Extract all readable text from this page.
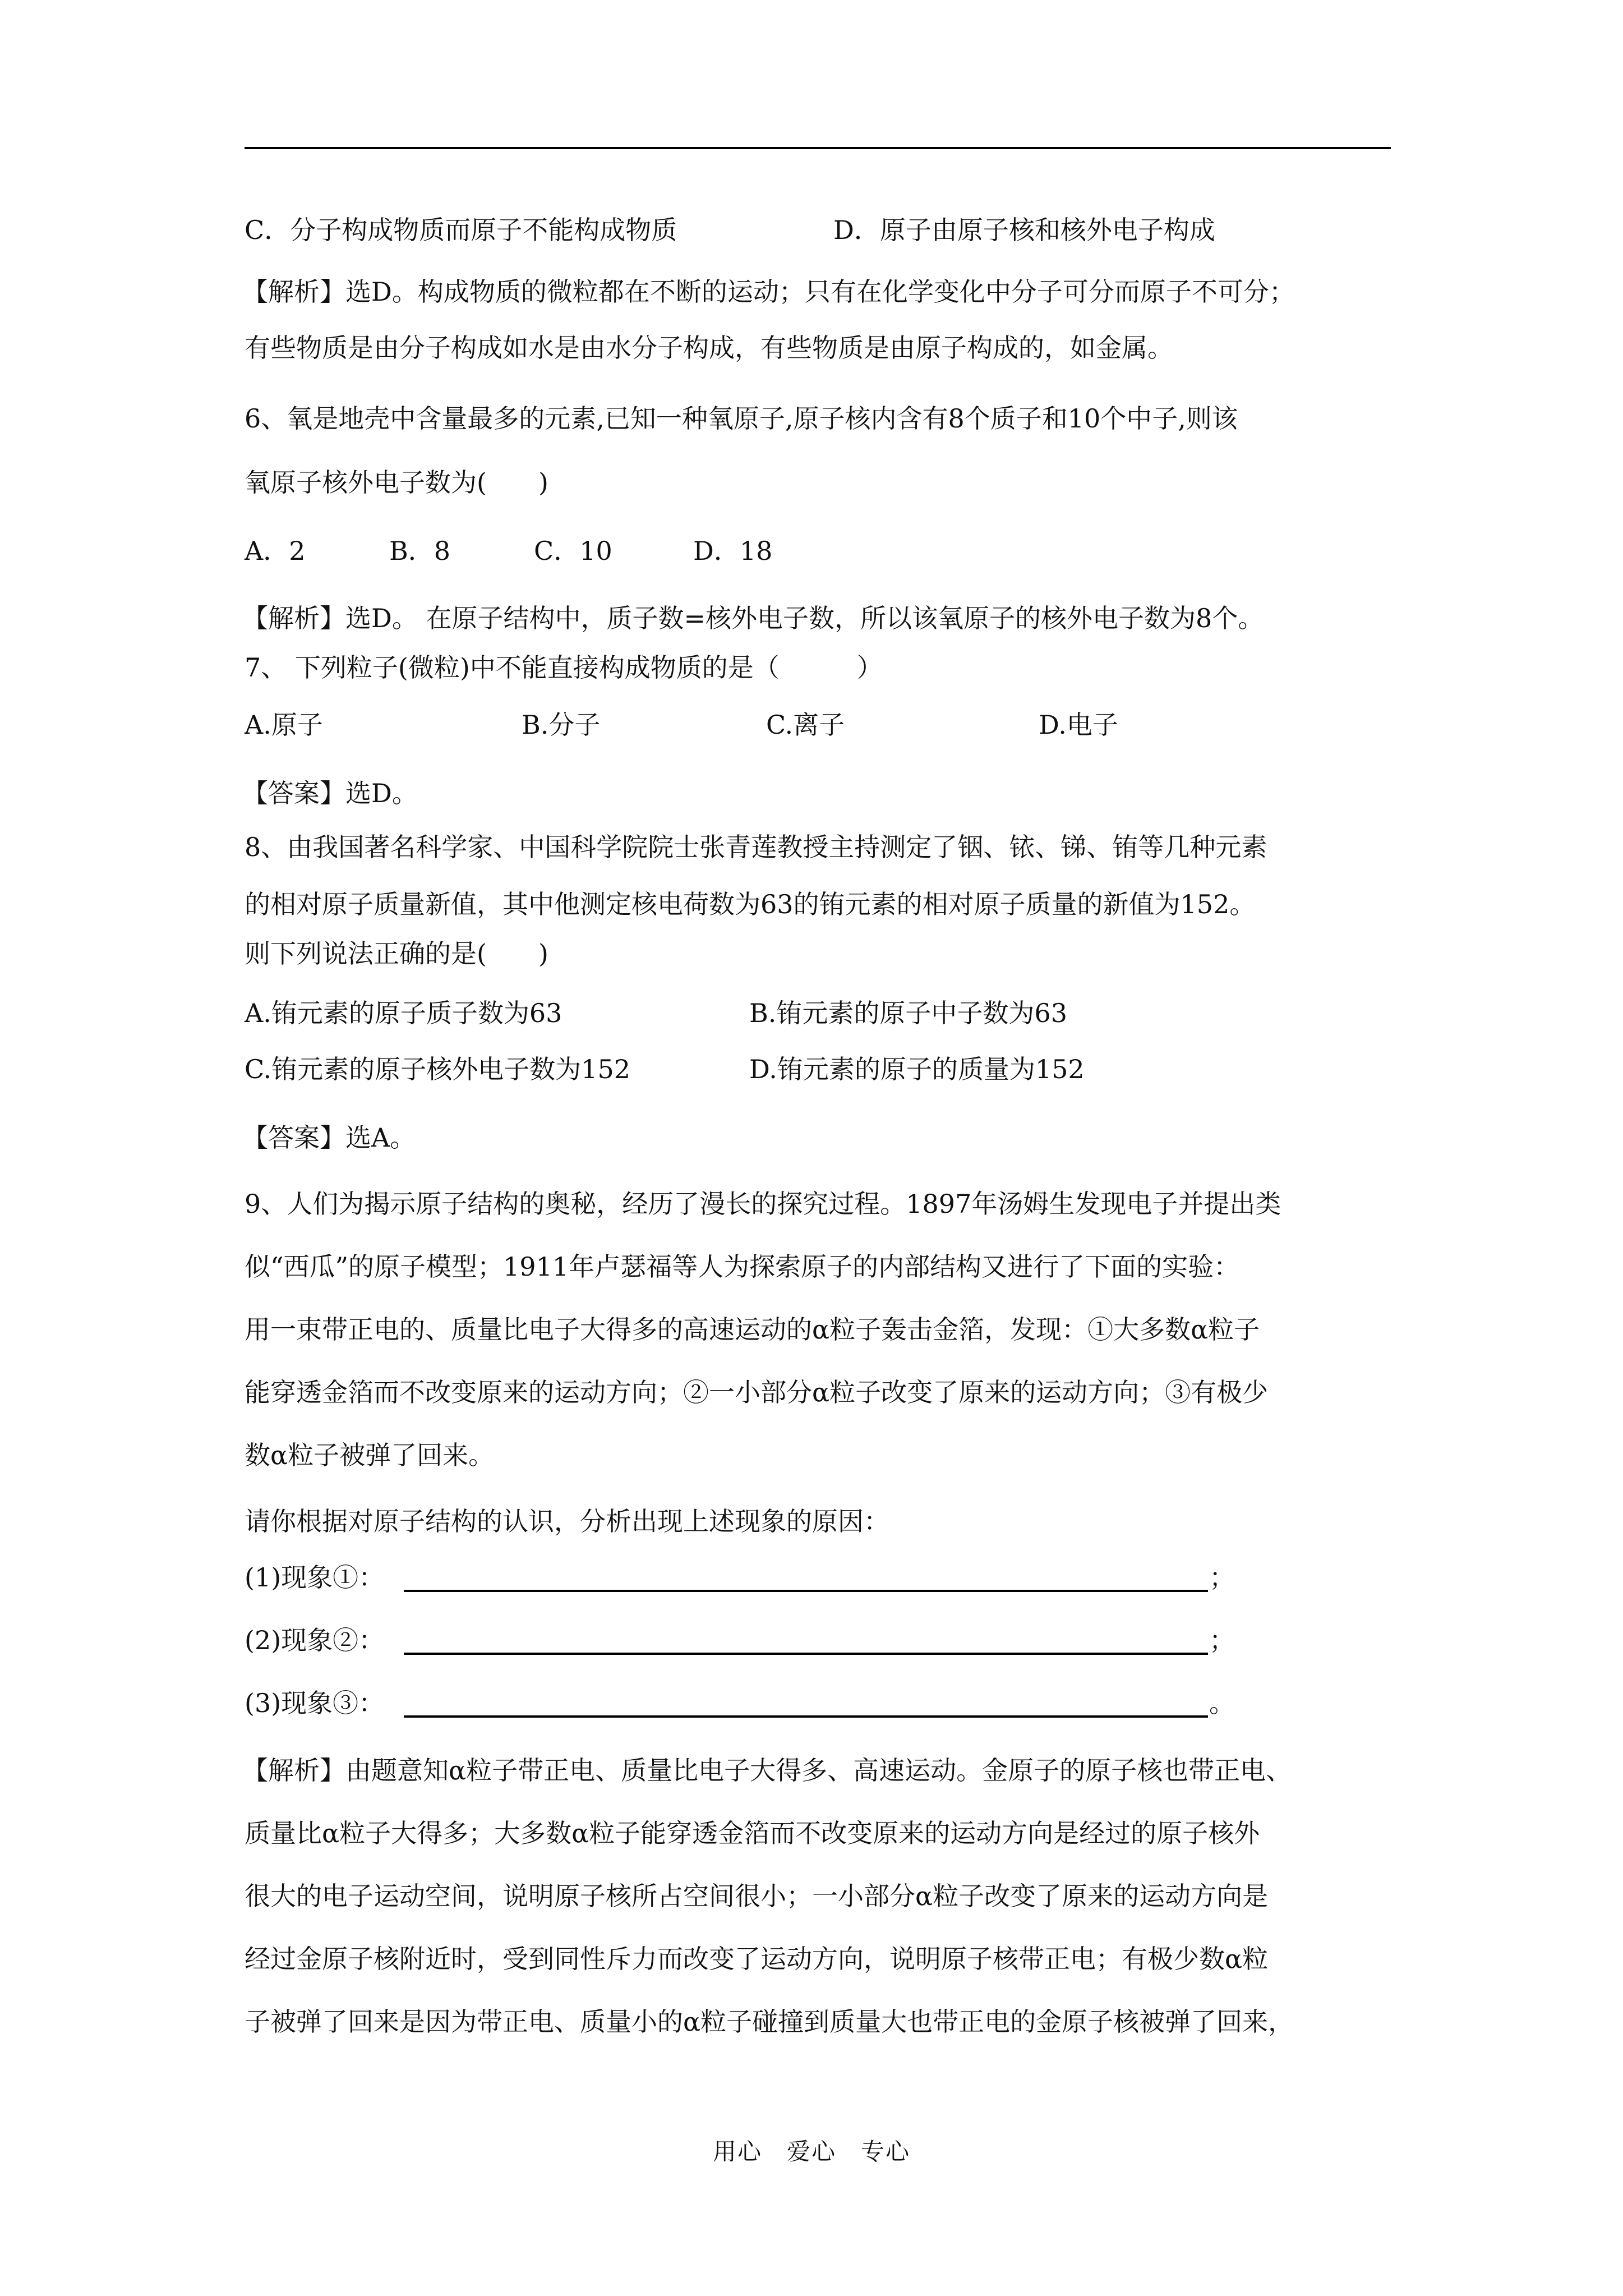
C．分子构成物质而原子不能构成物质	D．原子由原子核和核外电子构成
【解析】选D。构成物质的微粒都在不断的运动；只有在化学变化中分子可分而原子不可分；
有些物质是由分子构成如水是由水分子构成，有些物质是由原子构成的，如金属。
6、氧是地壳中含量最多的元素,已知一种氧原子,原子核内含有8个质子和10个中子,则该
氧原子核外电子数为(　　)
A．2	B．8	C．10	D．18
【解析】选D。 在原子结构中，质子数=核外电子数，所以该氧原子的核外电子数为8个。
7、 下列粒子(微粒)中不能直接构成物质的是（　　　）
A.原子	B.分子	C.离子	D.电子
【答案】选D。
8、由我国著名科学家、中国科学院院士张青莲教授主持测定了铟、铱、锑、铕等几种元素
的相对原子质量新值，其中他测定核电荷数为63的铕元素的相对原子质量的新值为152。
则下列说法正确的是(　　)
A.铕元素的原子质子数为63	B.铕元素的原子中子数为63
C.铕元素的原子核外电子数为152	D.铕元素的原子的质量为152
【答案】选A。
9、人们为揭示原子结构的奥秘，经历了漫长的探究过程。1897年汤姆生发现电子并提出类
似“西瓜”的原子模型；1911年卢瑟福等人为探索原子的内部结构又进行了下面的实验：
用一束带正电的、质量比电子大得多的高速运动的α粒子轰击金箔，发现：①大多数α粒子
能穿透金箔而不改变原来的运动方向；②一小部分α粒子改变了原来的运动方向；③有极少
数α粒子被弹了回来。
请你根据对原子结构的认识，分析出现上述现象的原因：
(1)现象①：	；
(2)现象②：	；
(3)现象③：	。
【解析】由题意知α粒子带正电、质量比电子大得多、高速运动。金原子的原子核也带正电、
质量比α粒子大得多；大多数α粒子能穿透金箔而不改变原来的运动方向是经过的原子核外
很大的电子运动空间，说明原子核所占空间很小；一小部分α粒子改变了原来的运动方向是
经过金原子核附近时，受到同性斥力而改变了运动方向，说明原子核带正电；有极少数α粒
子被弹了回来是因为带正电、质量小的α粒子碰撞到质量大也带正电的金原子核被弹了回来，
用心　爱心　专心
